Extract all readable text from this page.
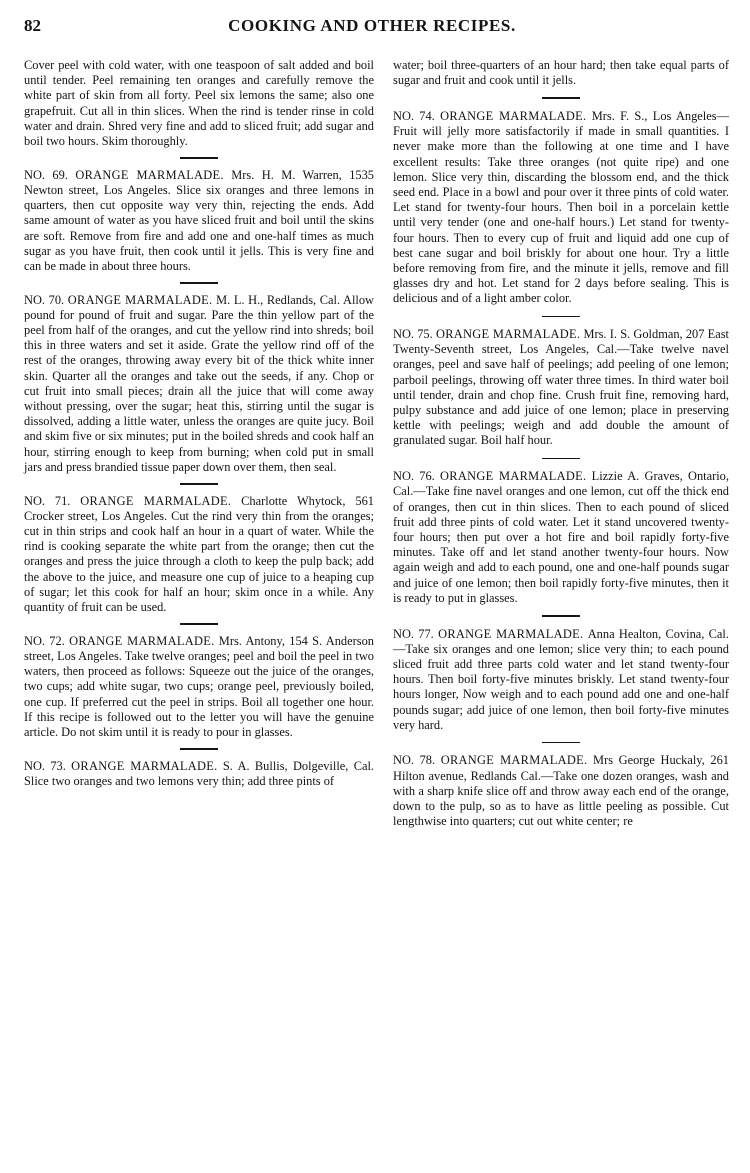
82	COOKING AND OTHER RECIPES.

Cover peel with cold water, with one teaspoon of salt added and boil until tender. Peel remaining ten oranges and carefully remove the white part of skin from all forty. Peel six lemons the same; also one grapefruit. Cut all in thin slices. When the rind is tender rinse in cold water and drain. Shred very fine and add to sliced fruit; add sugar and boil two hours. Skim thoroughly.

NO. 69. ORANGE MARMALADE. Mrs. H. M. Warren, 1535 Newton street, Los Angeles. Slice six oranges and three lemons in quarters, then cut opposite way very thin, rejecting the ends. Add same amount of water as you have sliced fruit and boil until the skins are soft. Remove from fire and add one and one-half times as much sugar as you have fruit, then cook until it jells. This is very fine and can be made in about three hours.

NO. 70. ORANGE MARMALADE. M. L. H., Redlands, Cal. Allow pound for pound of fruit and sugar. Pare the thin yellow part of the peel from half of the oranges, and cut the yellow rind into shreds; boil this in three waters and set it aside. Grate the yellow rind off of the rest of the oranges, throwing away every bit of the thick white inner skin. Quarter all the oranges and take out the seeds, if any. Chop or cut fruit into small pieces; drain all the juice that will come away without pressing, over the sugar; heat this, stirring until the sugar is dissolved, adding a little water, unless the oranges are quite jucy. Boil and skim five or six minutes; put in the boiled shreds and cook half an hour, stirring enough to keep from burning; when cold put in small jars and press brandied tissue paper down over them, then seal.

NO. 71. ORANGE MARMALADE. Charlotte Whytock, 561 Crocker street, Los Angeles. Cut the rind very thin from the oranges; cut in thin strips and cook half an hour in a quart of water. While the rind is cooking separate the white part from the orange; then cut the oranges and press the juice through a cloth to keep the pulp back; add the above to the juice, and measure one cup of juice to a heaping cup of sugar; let this cook for half an hour; skim once in a while. Any quantity of fruit can be used.

NO. 72. ORANGE MARMALADE. Mrs. Antony, 154 S. Anderson street, Los Angeles. Take twelve oranges; peel and boil the peel in two waters, then proceed as follows: Squeeze out the juice of the oranges, two cups; add white sugar, two cups; orange peel, previously boiled, one cup. If preferred cut the peel in strips. Boil all together one hour. If this recipe is followed out to the letter you will have the genuine article. Do not skim until it is ready to pour in glasses.

NO. 73. ORANGE MARMALADE. S. A. Bullis, Dolgeville, Cal. Slice two oranges and two lemons very thin; add three pints of

water; boil three-quarters of an hour hard; then take equal parts of sugar and fruit and cook until it jells.

NO. 74. ORANGE MARMALADE. Mrs. F. S., Los Angeles—Fruit will jelly more satisfactorily if made in small quantities. I never make more than the following at one time and I have excellent results: Take three oranges (not quite ripe) and one lemon. Slice very thin, discarding the blossom end, and the thick seed end. Place in a bowl and pour over it three pints of cold water. Let stand for twenty-four hours. Then boil in a porcelain kettle until very tender (one and one-half hours.) Let stand for twenty-four hours. Then to every cup of fruit and liquid add one cup of best cane sugar and boil briskly for about one hour. Try a little before removing from fire, and the minute it jells, remove and fill glasses dry and hot. Let stand for 2 days before sealing. This is delicious and of a light amber color.

NO. 75. ORANGE MARMALADE. Mrs. I. S. Goldman, 207 East Twenty-Seventh street, Los Angeles, Cal.—Take twelve navel oranges, peel and save half of peelings; add peeling of one lemon; parboil peelings, throwing off water three times. In third water boil until tender, drain and chop fine. Crush fruit fine, removing hard, pulpy substance and add juice of one lemon; place in preserving kettle with peelings; weigh and add double the amount of granulated sugar. Boil half hour.

NO. 76. ORANGE MARMALADE. Lizzie A. Graves, Ontario, Cal.—Take fine navel oranges and one lemon, cut off the thick end of oranges, then cut in thin slices. Then to each pound of sliced fruit add three pints of cold water. Let it stand uncovered twenty-four hours; then put over a hot fire and boil rapidly forty-five minutes. Take off and let stand another twenty-four hours. Now again weigh and add to each pound, one and one-half pounds sugar and juice of one lemon; then boil rapidly forty-five minutes, then it is ready to put in glasses.

NO. 77. ORANGE MARMALADE. Anna Healton, Covina, Cal.—Take six oranges and one lemon; slice very thin; to each pound sliced fruit add three parts cold water and let stand twenty-four hours. Then boil forty-five minutes briskly. Let stand twenty-four hours longer, Now weigh and to each pound add one and one-half pounds sugar; add juice of one lemon, then boil forty-five minutes very hard.

NO. 78. ORANGE MARMALADE. Mrs George Huckaly, 261 Hilton avenue, Redlands Cal.—Take one dozen oranges, wash and with a sharp knife slice off and throw away each end of the orange, down to the pulp, so as to have as little peeling as possible. Cut lengthwise into quarters; cut out white center; re
